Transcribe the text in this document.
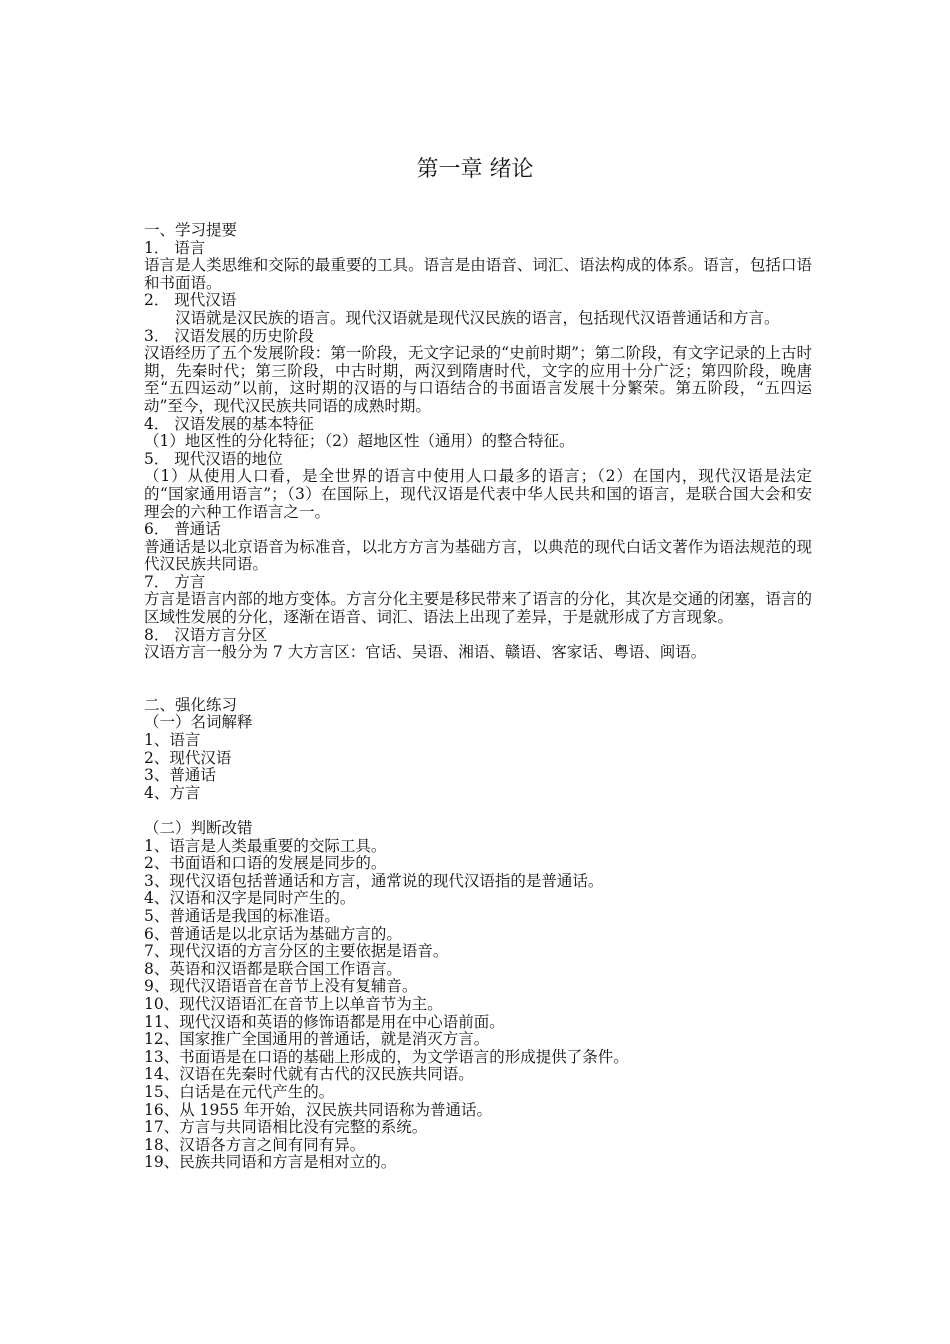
第一章 绪论
一、学习提要
1． 语言
语言是人类思维和交际的最重要的工具。语言是由语音、词汇、语法构成的体系。语言，包括口语和书面语。
2． 现代汉语
汉语就是汉民族的语言。现代汉语就是现代汉民族的语言，包括现代汉语普通话和方言。
3． 汉语发展的历史阶段
汉语经历了五个发展阶段：第一阶段，无文字记录的“史前时期”；第二阶段，有文字记录的上古时期，先秦时代；第三阶段，中古时期，两汉到隋唐时代，文字的应用十分广泛；第四阶段，晚唐至“五四运动”以前，这时期的汉语的与口语结合的书面语言发展十分繁荣。第五阶段，“五四运动”至今，现代汉民族共同语的成熟时期。
4． 汉语发展的基本特征
（1）地区性的分化特征；（2）超地区性（通用）的整合特征。
5． 现代汉语的地位
（1）从使用人口看，是全世界的语言中使用人口最多的语言；（2）在国内，现代汉语是法定的“国家通用语言”；（3）在国际上，现代汉语是代表中华人民共和国的语言，是联合国大会和安理会的六种工作语言之一。
6． 普通话
普通话是以北京语音为标准音，以北方方言为基础方言，以典范的现代白话文著作为语法规范的现代汉民族共同语。
7． 方言
方言是语言内部的地方变体。方言分化主要是移民带来了语言的分化，其次是交通的闭塞，语言的区域性发展的分化，逐渐在语音、词汇、语法上出现了差异，于是就形成了方言现象。
8． 汉语方言分区
汉语方言一般分为 7 大方言区：官话、吴语、湘语、赣语、客家话、粤语、闽语。
二、强化练习
（一）名词解释
1、语言
2、现代汉语
3、普通话
4、方言
（二）判断改错
1、语言是人类最重要的交际工具。
2、书面语和口语的发展是同步的。
3、现代汉语包括普通话和方言，通常说的现代汉语指的是普通话。
4、汉语和汉字是同时产生的。
5、普通话是我国的标准语。
6、普通话是以北京话为基础方言的。
7、现代汉语的方言分区的主要依据是语音。
8、英语和汉语都是联合国工作语言。
9、现代汉语语音在音节上没有复辅音。
10、现代汉语语汇在音节上以单音节为主。
11、现代汉语和英语的修饰语都是用在中心语前面。
12、国家推广全国通用的普通话，就是消灭方言。
13、书面语是在口语的基础上形成的，为文学语言的形成提供了条件。
14、汉语在先秦时代就有古代的汉民族共同语。
15、白话是在元代产生的。
16、从 1955 年开始，汉民族共同语称为普通话。
17、方言与共同语相比没有完整的系统。
18、汉语各方言之间有同有异。
19、民族共同语和方言是相对立的。
